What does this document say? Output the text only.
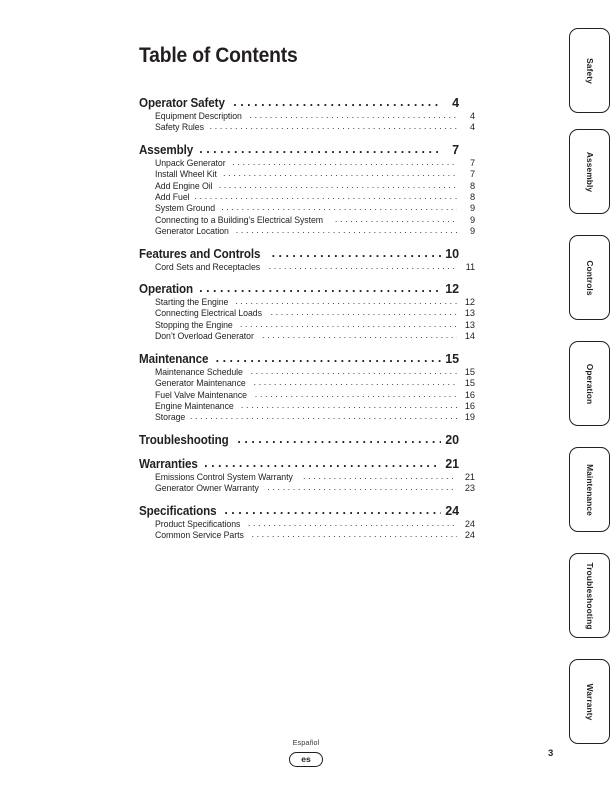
Table of Contents
Operator Safety . . .	4
Equipment Description . . .	4
Safety Rules . . .	4
Assembly . . .	7
Unpack Generator . . .	7
Install Wheel Kit . . .	7
Add Engine Oil . . .	8
Add Fuel . . .	8
System Ground . . .	9
Connecting to a Building’s Electrical System . . .	9
Generator Location . . .	9
Features and Controls . . .	10
Cord Sets and Receptacles . . .	11
Operation . . .	12
Starting the Engine . . .	12
Connecting Electrical Loads . . .	13
Stopping the Engine . . .	13
Don’t Overload Generator . . .	14
Maintenance . . .	15
Maintenance Schedule . . .	15
Generator Maintenance . . .	15
Fuel Valve Maintenance . . .	16
Engine Maintenance . . .	16
Storage . . .	19
Troubleshooting . . .	20
Warranties . . .	21
Emissions Control System Warranty . . .	21
Generator Owner Warranty . . .	23
Specifications . . .	24
Product Specifications . . .	24
Common Service Parts . . .	24
Safety
Assembly
Controls
Operation
Maintenance
Troubleshooting
Warranty
Español
es	3
